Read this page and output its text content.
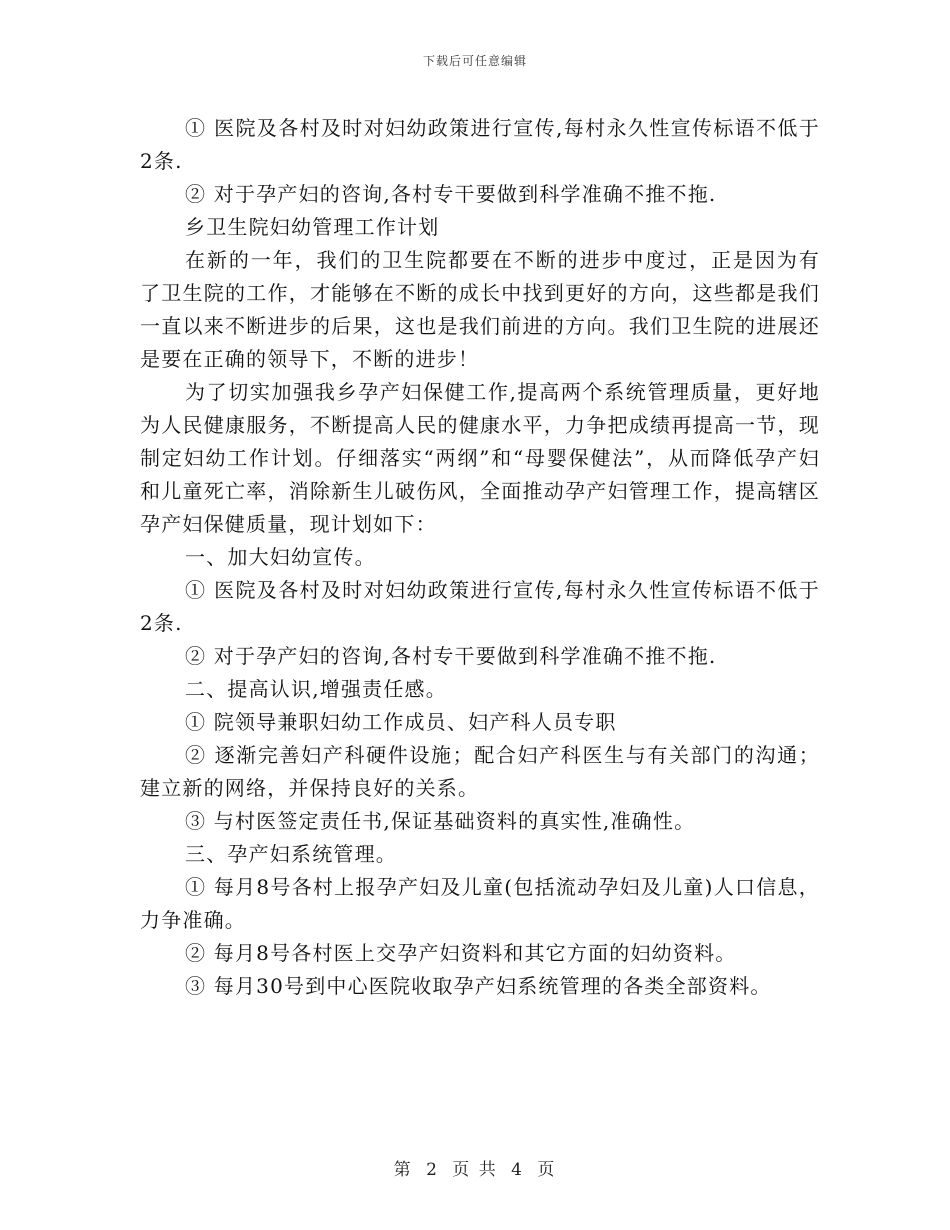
下载后可任意编辑

① 医院及各村及时对妇幼政策进行宣传,每村永久性宣传标语不低于2条.

② 对于孕产妇的咨询,各村专干要做到科学准确不推不拖.

乡卫生院妇幼管理工作计划

在新的一年，我们的卫生院都要在不断的进步中度过，正是因为有了卫生院的工作，才能够在不断的成长中找到更好的方向，这些都是我们一直以来不断进步的后果，这也是我们前进的方向。我们卫生院的进展还是要在正确的领导下，不断的进步！

为了切实加强我乡孕产妇保健工作,提高两个系统管理质量，更好地为人民健康服务，不断提高人民的健康水平，力争把成绩再提高一节，现制定妇幼工作计划。仔细落实“两纲”和“母婴保健法”，从而降低孕产妇和儿童死亡率，消除新生儿破伤风，全面推动孕产妇管理工作，提高辖区孕产妇保健质量，现计划如下：

一、加大妇幼宣传。

① 医院及各村及时对妇幼政策进行宣传,每村永久性宣传标语不低于2条.

② 对于孕产妇的咨询,各村专干要做到科学准确不推不拖.

二、提高认识,增强责任感。

① 院领导兼职妇幼工作成员、妇产科人员专职

② 逐渐完善妇产科硬件设施；配合妇产科医生与有关部门的沟通；建立新的网络，并保持良好的关系。

③ 与村医签定责任书,保证基础资料的真实性,准确性。

三、孕产妇系统管理。

① 每月8号各村上报孕产妇及儿童(包括流动孕妇及儿童)人口信息，力争准确。

② 每月8号各村医上交孕产妇资料和其它方面的妇幼资料。

③ 每月30号到中心医院收取孕产妇系统管理的各类全部资料。

第 2 页 共 4 页
